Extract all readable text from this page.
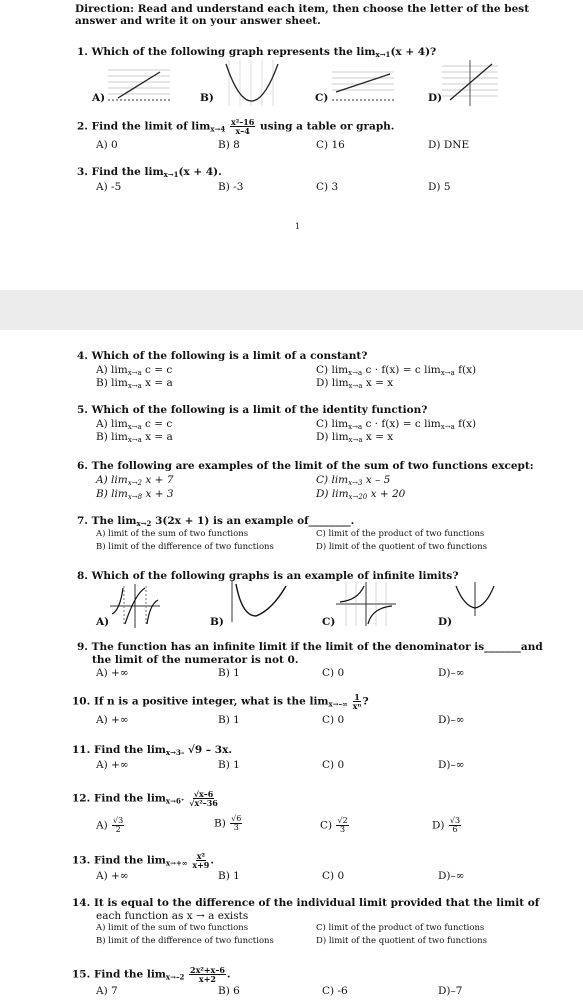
Direction: Read and understand each item, then choose the letter of the best answer and write it on your answer sheet.
1. Which of the following graph represents the $\lim_{x\to 1}(x + 4)$?
A)	B)	C)	D)
2. Find the limit of $\lim_{x\to 4} \frac{\text{x²–16}}{x-4}$ using a table or graph.
A) 0	B) 8	C) 16	D) DNE
3. Find the $\lim_{x\to 1}(x + 4)$.
A) -5	B) -3	C) 3	D) 5
1
4. Which of the following is a limit of a constant?
A) $\lim_{x\to a} c = c$	C) $\lim_{x\to a} c \cdot f(x) = c$ $\lim_{x\to a} f(x)$
B) $\lim_{x\to a} x = a$	D) $\lim_{x\to a} x = x$
5. Which of the following is a limit of the identity function?
A) $\lim_{x\to a} c = c$	C) $\lim_{x\to a} c \cdot f(x) = c$ $\lim_{x\to a} f(x)$
B) $\lim_{x\to a} x = a$	D) $\lim_{x\to a} x = x$
6. The following are examples of the limit of the sum of two functions except:
A) $\lim_{x\to 2} x + 7$	C) $\lim_{x\to 3} x - 5$
B) $\lim_{x\to 8} x + 3$	D) $\lim_{x\to 20} x + 20$
7. The $\lim_{x\to 2} 3(2x + 1)$ is an example of________.
A) limit of the sum of two functions	C) limit of the product of two functions
B) limit of the difference of two functions	D) limit of the quotient of two functions
8. Which of the following graphs is an example of infinite limits?
A)	B)	C)	D)
9. The function has an infinite limit if the limit of the denominator is_______and
the limit of the numerator is not 0.
A) +∞	B) 1	C) 0	D)–∞
10. If n is a positive integer, what is the $\lim_{x\to-\infty} \frac{1}{\text{xⁿ}}$ ?
A) +∞	B) 1	C) 0	D)–∞
11. Find the $\lim_{x\to 3-} √9 - 3x$.
A) +∞	B) 1	C) 0	D)–∞
12. Find the $\lim_{x\to 6^+} \frac{√x-6}{\text{√x²–36}}$
$A) \frac{√3}{2}$	$B) \frac{√6}{3}$	$C) \frac{√2}{3}$	$D) \frac{√3}{6}$
13. Find the $\lim_{x\to+\infty} \frac{\text{x²}}{x+9}$ .
A) +∞	B) 1	C) 0	D)–∞
14. It is equal to the difference of the individual limit provided that the limit of
each function as x → a exists
A) limit of the sum of two functions	C) limit of the product of two functions
B) limit of the difference of two functions	D) limit of the quotient of two functions
15. Find the $\lim_{x\to-2} \frac{\text{2x²+x–6}}{x+2}$ .
A) 7	B) 6	C) -6	D)–7
